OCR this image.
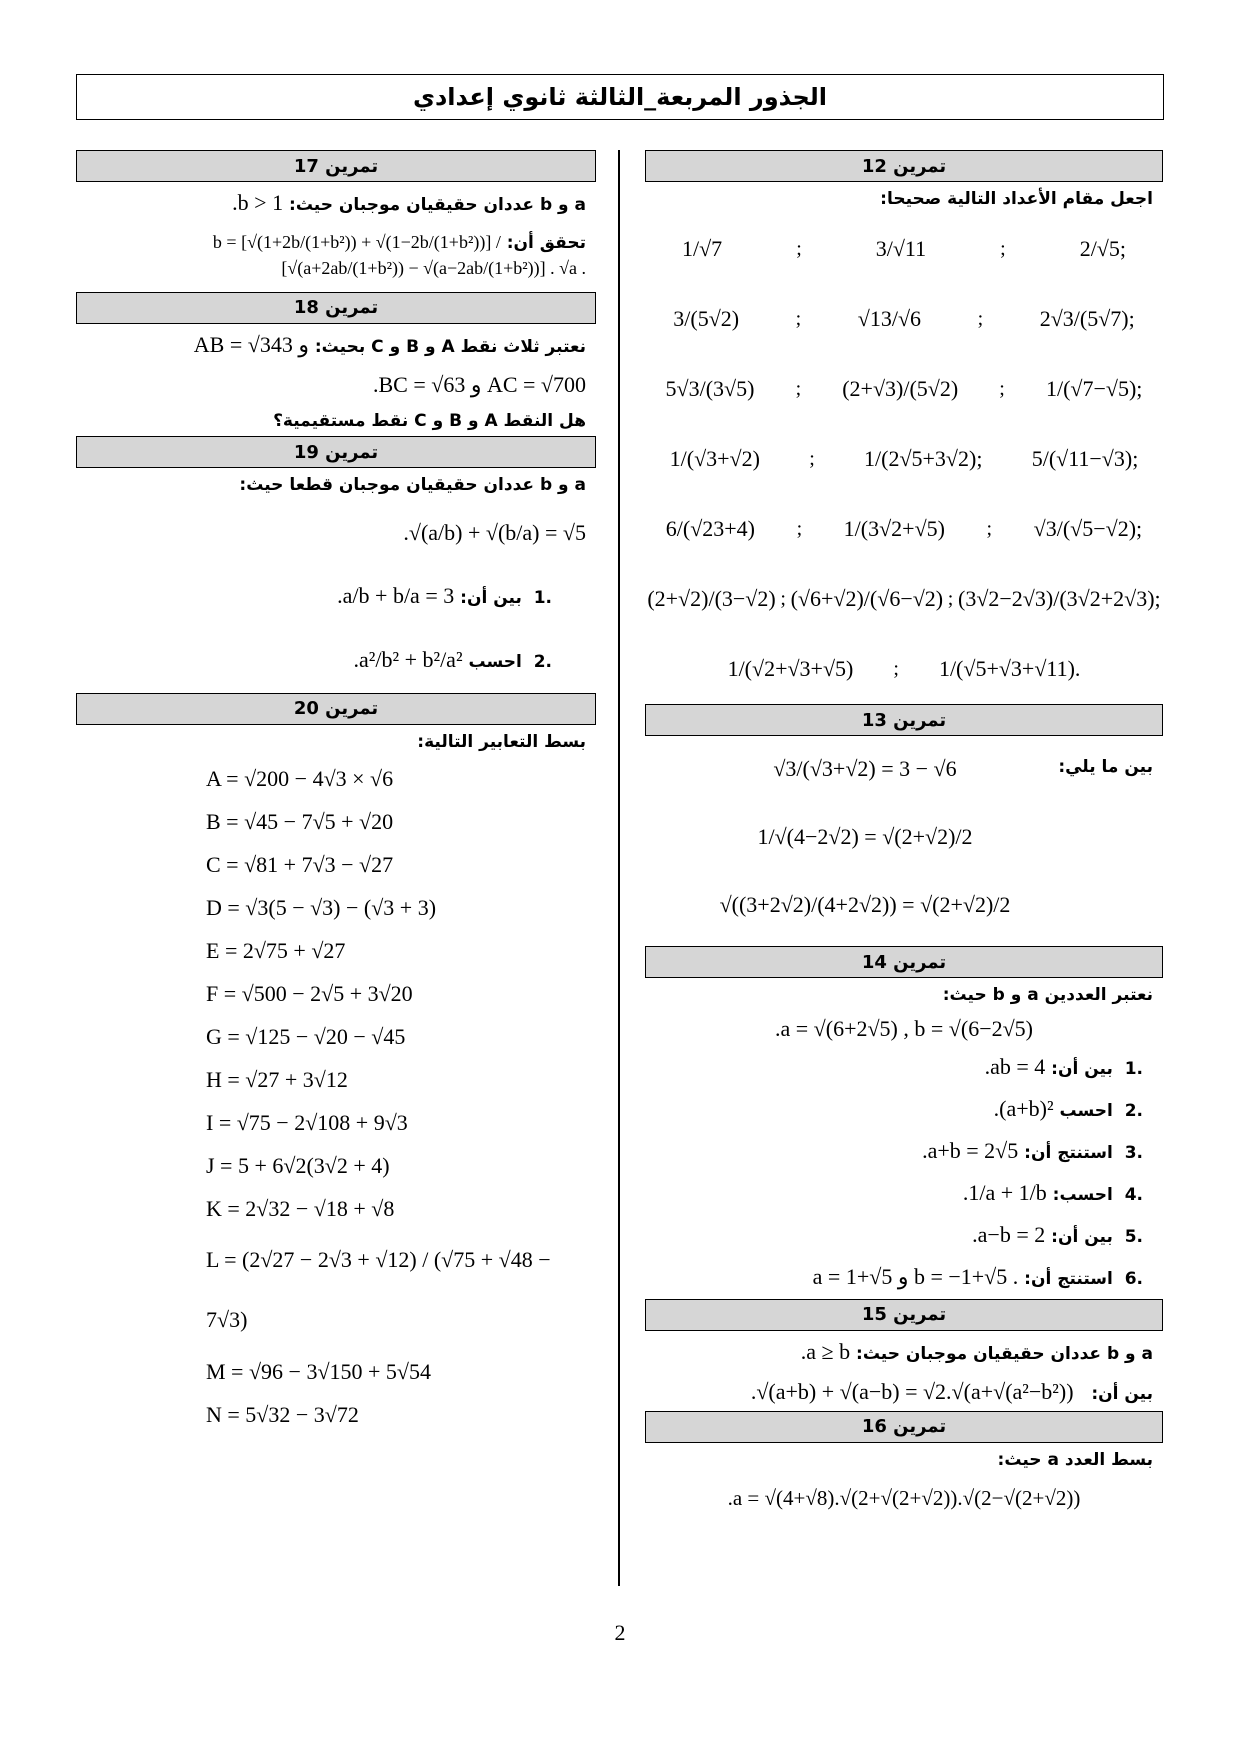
الجذور المربعة_الثالثة ثانوي إعدادي
تمرين 12
اجعل مقام الأعداد التالية صحيحا:
1/√7	;	3/√11	;	2/√5;
3/(5√2)	;	√13/√6	;	2√3/(5√7);
5√3/(3√5) ; (2+√3)/(5√2) ; 1/(√7−√5);
1/(√3+√2) ; 1/(2√5+3√2); 5/(√11−√3);
6/(√23+4) ; 1/(3√2+√5) ; √3/(√5−√2);
(2+√2)/(3−√2) ; (√6+√2)/(√6−√2) ; (3√2−2√3)/(3√2+2√3);
1/(√2+√3+√5) ; 1/(√5+√3+√11).
تمرين 13
بين ما يلي:
√3/(√3+√2) = 3 − √6
1/√(4−2√2) = √(2+√2)/2
√((3+2√2)/(4+2√2)) = √(2+√2)/2
تمرين 14
نعتبر العددين a و b حيث:
.a = √(6+2√5) , b = √(6−2√5)
.1  بين أن: .ab = 4
.2  احسب .(a+b)²
.3  استنتج أن: .a+b = 2√5
.4  احسب: .1/a + 1/b
.5  بين أن: .a−b = 2
.6  استنتج أن: a = 1+√5 و b = −1+√5 .
تمرين 15
a و b عددان حقيقيان موجبان حيث: .a ≥ b
بين أن:   .√(a+b) + √(a−b) = √2.√(a+√(a²−b²))
تمرين 16
بسط العدد a حيث:
.a = √(4+√8).√(2+√(2+√2)).√(2−√(2+√2))
تمرين 17
a و b عددان حقيقيان موجبان حيث: .b > 1
تحقق أن: b = [√(1+2b/(1+b²)) + √(1−2b/(1+b²))] / [√(a+2ab/(1+b²)) − √(a−2ab/(1+b²))] . √a .
تمرين 18
نعتبر ثلاث نقط A و B و C بحيث: AB = √343 و
.BC = √63 و AC = √700
هل النقط A و B و C نقط مستقيمية؟
تمرين 19
a و b عددان حقيقيان موجبان قطعا حيث:
.√(a/b) + √(b/a) = √5
.1  بين أن: .a/b + b/a = 3
.2  احسب .a²/b² + b²/a²
تمرين 20
بسط التعابير التالية:
A = √200 − 4√3 × √6
B = √45 − 7√5 + √20
C = √81 + 7√3 − √27
D = √3(5 − √3) − (√3 + 3)
E = 2√75 + √27
F = √500 − 2√5 + 3√20
G = √125 − √20 − √45
H = √27 + 3√12
I = √75 − 2√108 + 9√3
J = 5 + 6√2(3√2 + 4)
K = 2√32 − √18 + √8
L = (2√27 − 2√3 + √12) / (√75 + √48 − 7√3)
M = √96 − 3√150 + 5√54
N = 5√32 − 3√72
2
